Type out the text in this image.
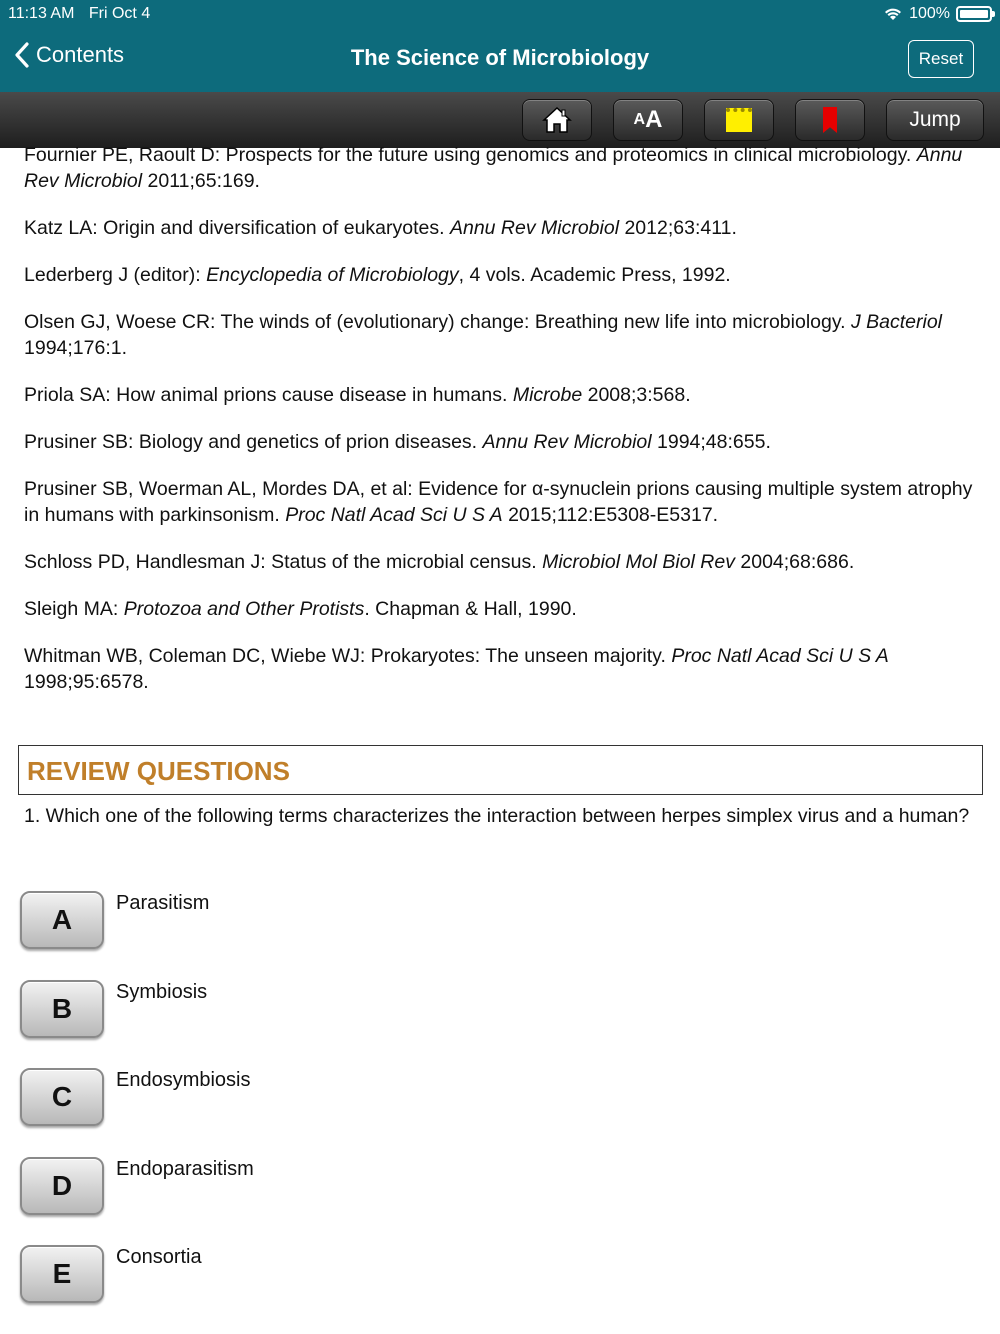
11:13 AM Fri Oct 4	100%
Contents	The Science of Microbiology	Reset
A A	Jump

Fournier PE, Raoult D: Prospects for the future using genomics and proteomics in clinical microbiology. Annu Rev Microbiol 2011;65:169.

Katz LA: Origin and diversification of eukaryotes. Annu Rev Microbiol 2012;63:411.

Lederberg J (editor): Encyclopedia of Microbiology, 4 vols. Academic Press, 1992.

Olsen GJ, Woese CR: The winds of (evolutionary) change: Breathing new life into microbiology. J Bacteriol 1994;176:1.

Priola SA: How animal prions cause disease in humans. Microbe 2008;3:568.

Prusiner SB: Biology and genetics of prion diseases. Annu Rev Microbiol 1994;48:655.

Prusiner SB, Woerman AL, Mordes DA, et al: Evidence for α-synuclein prions causing multiple system atrophy in humans with parkinsonism. Proc Natl Acad Sci U S A 2015;112:E5308-E5317.

Schloss PD, Handlesman J: Status of the microbial census. Microbiol Mol Biol Rev 2004;68:686.

Sleigh MA: Protozoa and Other Protists. Chapman & Hall, 1990.

Whitman WB, Coleman DC, Wiebe WJ: Prokaryotes: The unseen majority. Proc Natl Acad Sci U S A 1998;95:6578.

REVIEW QUESTIONS
1. Which one of the following terms characterizes the interaction between herpes simplex virus and a human?
A
Parasitism
B
Symbiosis
C
Endosymbiosis
D
Endoparasitism
E
Consortia
